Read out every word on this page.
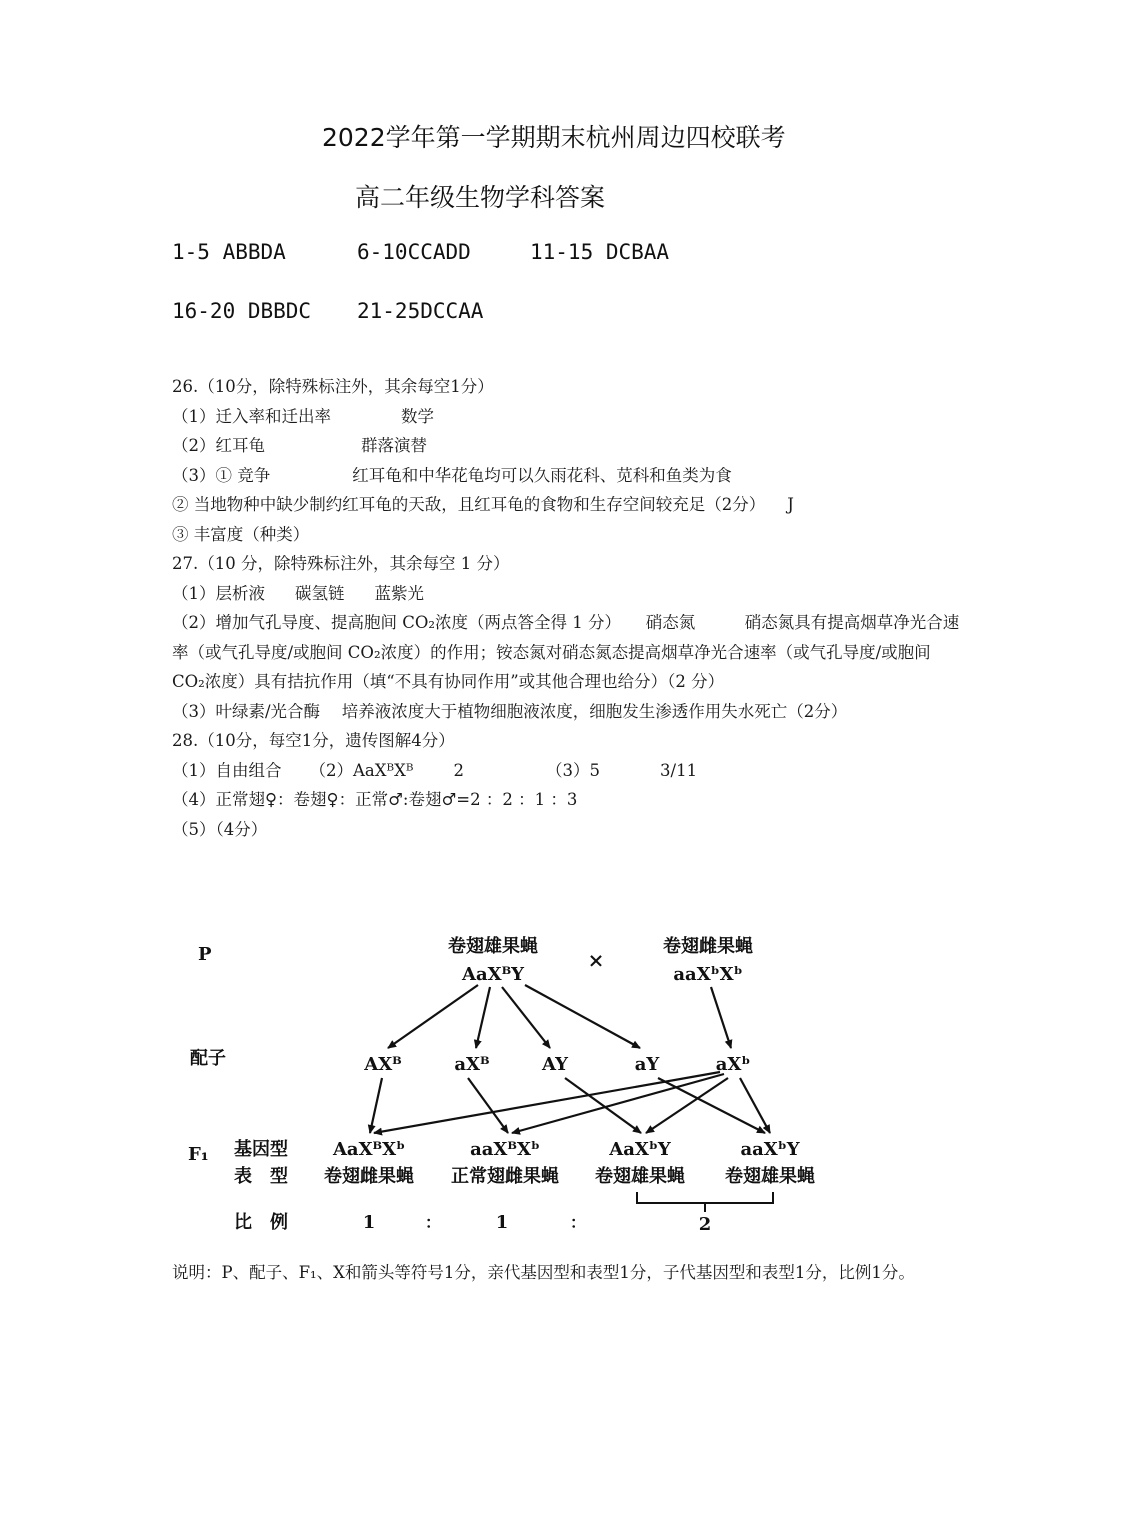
2022学年第一学期期末杭州周边四校联考
高二年级生物学科答案
1-5 ABBDA	6-10CCADD	11-15 DCBAA
16-20 DBBDC 21-25DCCAA
26.（10分，除特殊标注外，其余每空1分）
（1）迁入率和迁出率	数学
（2）红耳龟	群落演替
（3）① 竞争	红耳龟和中华花龟均可以久雨花科、苋科和鱼类为食
② 当地物种中缺少制约红耳龟的天敌，且红耳龟的食物和生存空间较充足（2分） J
③ 丰富度（种类）
27.（10 分，除特殊标注外，其余每空 1 分）
（1）层析液 碳氢链 蓝紫光
（2）增加气孔导度、提高胞间 CO₂浓度（两点答全得 1 分）　　硝态氮　　　硝态氮具有提高烟草净光合速率（或气孔导度/或胞间 CO₂浓度）的作用；铵态氮对硝态氮态提高烟草净光合速率（或气孔导度/或胞间 CO₂浓度）具有拮抗作用（填“不具有协同作用”或其他合理也给分）（2 分）
（3）叶绿素/光合酶　 培养液浓度大于植物细胞液浓度，细胞发生渗透作用失水死亡（2分）
28.（10分，每空1分，遗传图解4分）
（1）自由组合 （2）AaXᴮXᴮ 2	（3）5	3/11
（4）正常翅♀：卷翅♀：正常♂:卷翅♂=2 ：2 ：1 ：3
（5）（4分）
P
配子
F₁
卷翅雄果蝇
AaXᴮY
×
卷翅雌果蝇
aaXᵇXᵇ
AXᴮ	aXᴮ	AY	aY	aXᵇ
基因型
表　型
比　例
AaXᴮXᵇ	aaXᴮXᵇ	AaXᵇY	aaXᵇY
卷翅雌果蝇 正常翅雌果蝇 卷翅雄果蝇 卷翅雄果蝇
1	：	1	：	2
说明：P、配子、F₁、X和箭头等符号1分，亲代基因型和表型1分，子代基因型和表型1分，比例1分。
